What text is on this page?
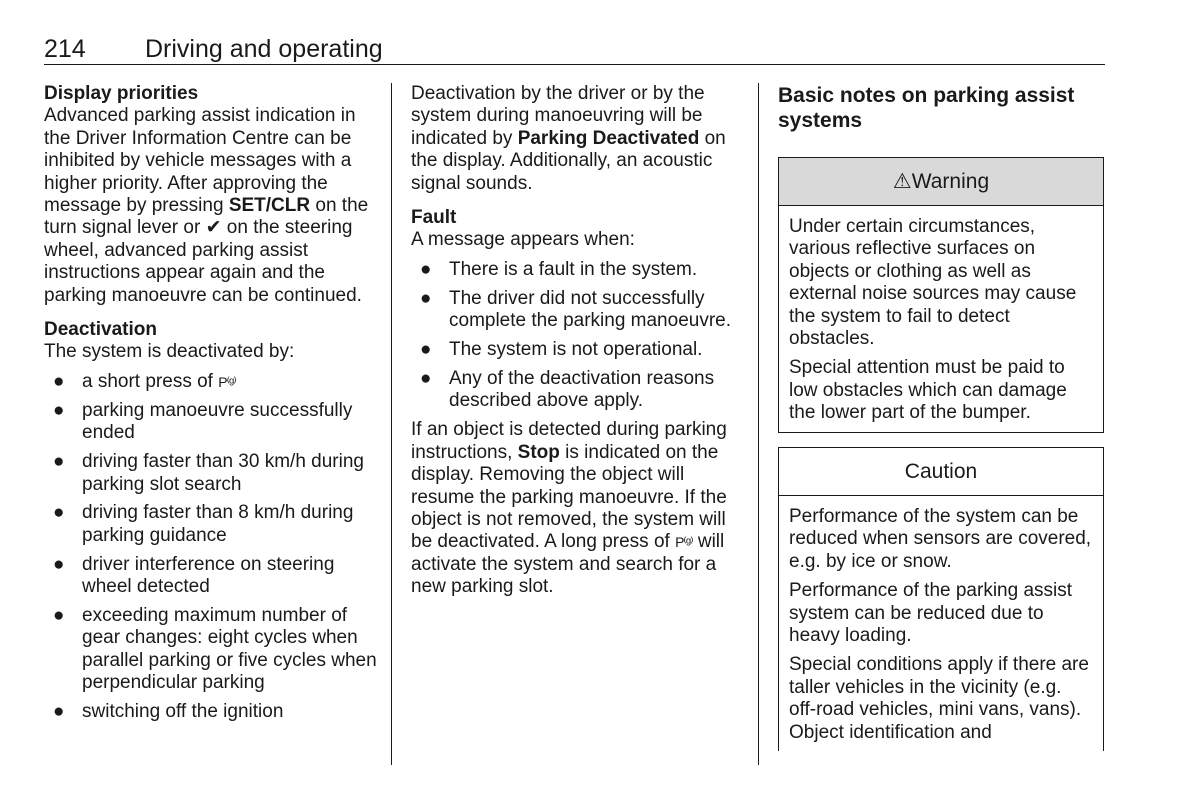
214 Driving and operating

Display priorities

Advanced parking assist indication in the Driver Information Centre can be inhibited by vehicle messages with a higher priority. After approving the message by pressing SET/CLR on the turn signal lever or ✔ on the steering wheel, advanced parking assist instructions appear again and the parking manoeuvre can be continued.

Deactivation

The system is deactivated by:

● a short press of P⁽ᵍ⁾
● parking manoeuvre successfully ended
● driving faster than 30 km/h during parking slot search
● driving faster than 8 km/h during parking guidance
● driver interference on steering wheel detected
● exceeding maximum number of gear changes: eight cycles when parallel parking or five cycles when perpendicular parking
● switching off the ignition

Deactivation by the driver or by the system during manoeuvring will be indicated by Parking Deactivated on the display. Additionally, an acoustic signal sounds.

Fault

A message appears when:

● There is a fault in the system.
● The driver did not successfully complete the parking manoeuvre.
● The system is not operational.
● Any of the deactivation reasons described above apply.

If an object is detected during parking instructions, Stop is indicated on the display. Removing the object will resume the parking manoeuvre. If the object is not removed, the system will be deactivated. A long press of P⁽ᵍ⁾ will activate the system and search for a new parking slot.

Basic notes on parking assist systems

⚠Warning

Under certain circumstances, various reflective surfaces on objects or clothing as well as external noise sources may cause the system to fail to detect obstacles.

Special attention must be paid to low obstacles which can damage the lower part of the bumper.

Caution

Performance of the system can be reduced when sensors are covered, e.g. by ice or snow.

Performance of the parking assist system can be reduced due to heavy loading.

Special conditions apply if there are taller vehicles in the vicinity (e.g. off-road vehicles, mini vans, vans). Object identification and
